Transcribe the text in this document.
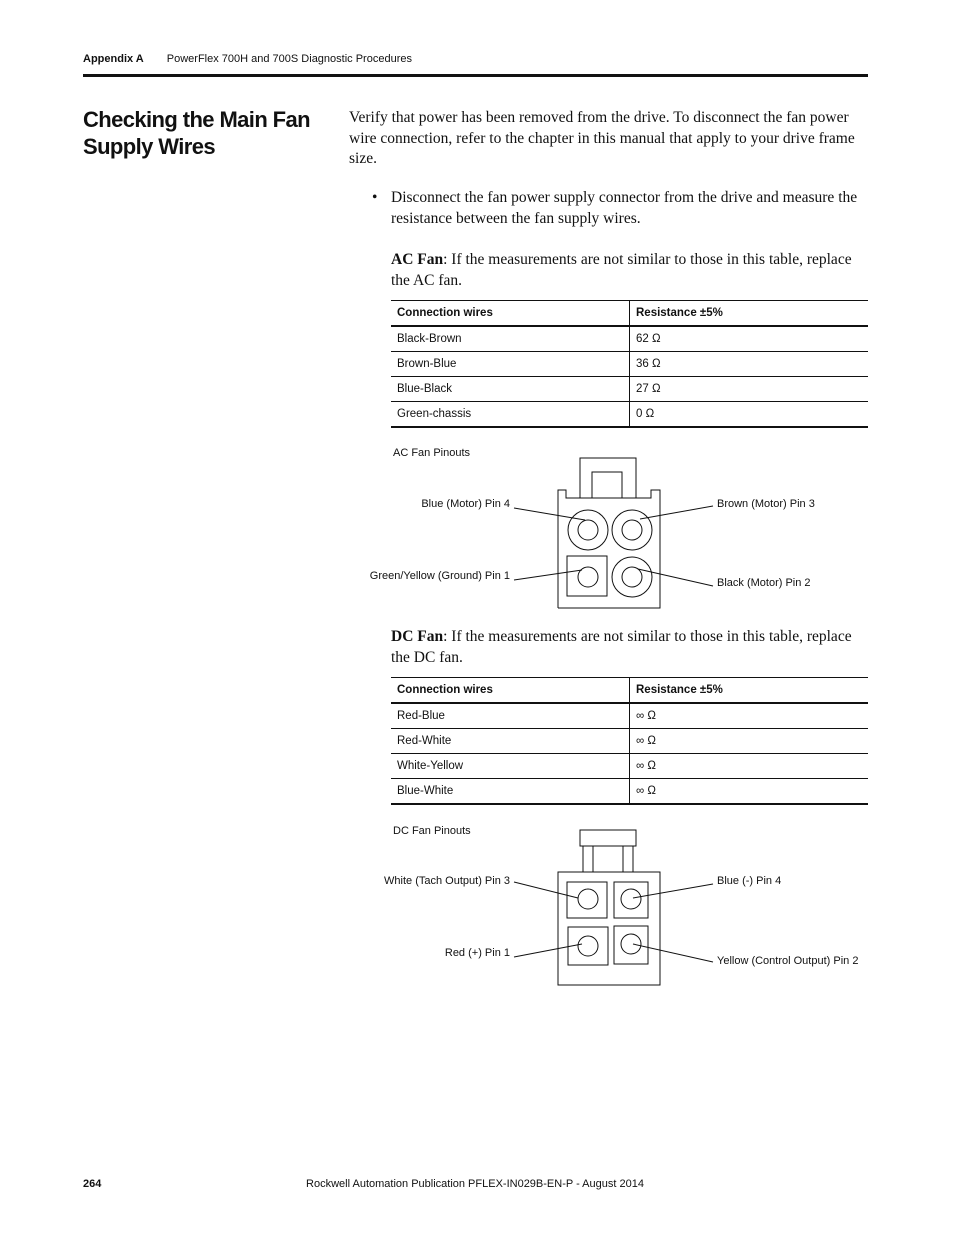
Appendix A PowerFlex 700H and 700S Diagnostic Procedures
Checking the Main Fan Supply Wires

Verify that power has been removed from the drive. To disconnect the fan power wire connection, refer to the chapter in this manual that apply to your drive frame size.

• Disconnect the fan power supply connector from the drive and measure the resistance between the fan supply wires.

AC Fan: If the measurements are not similar to those in this table, replace the AC fan.

Connection wires	Resistance ±5%
Black-Brown	62 Ω
Brown-Blue	36 Ω
Blue-Black	27 Ω
Green-chassis	0 Ω
AC Fan Pinouts
Blue (Motor) Pin 4	Brown (Motor) Pin 3
Green/Yellow (Ground) Pin 1
Black (Motor) Pin 2

DC Fan: If the measurements are not similar to those in this table, replace the DC fan.

Connection wires	Resistance ±5%
Red-Blue	∞ Ω
Red-White	∞ Ω
White-Yellow	∞ Ω
Blue-White	∞ Ω
DC Fan Pinouts
White (Tach Output) Pin 3	Blue (-) Pin 4
Red (+) Pin 1
Yellow (Control Output) Pin 2
264	Rockwell Automation Publication PFLEX-IN029B-EN-P - August 2014
